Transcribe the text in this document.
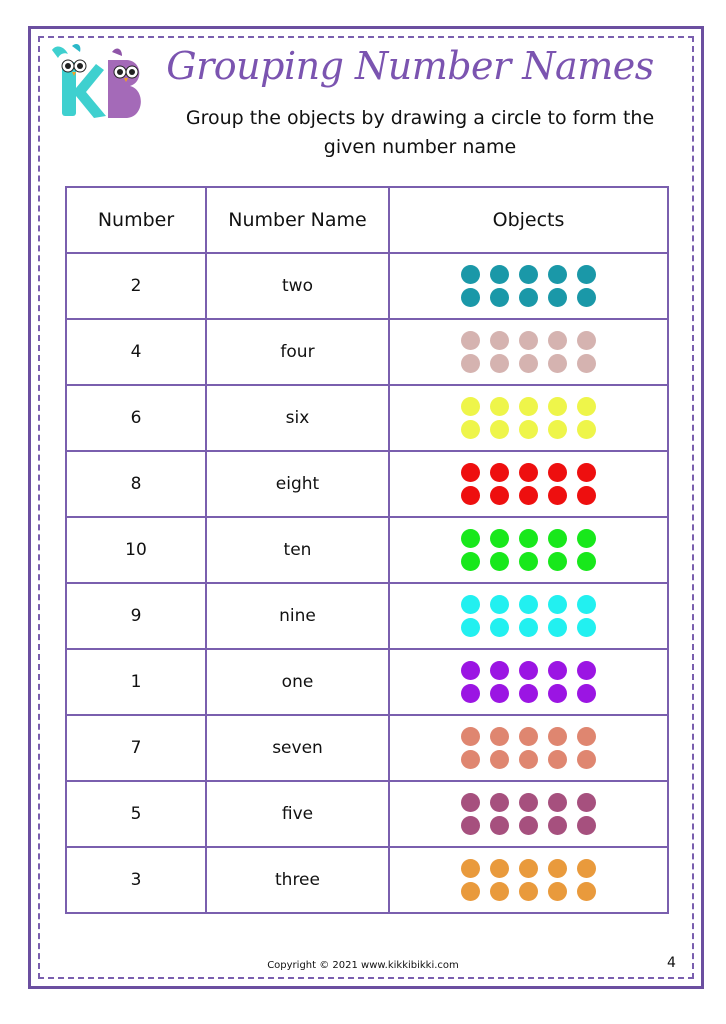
Grouping Number Names
Group the objects by drawing a circle to form the given number name
Number	Number Name	Objects
2	two	

4	four	

6	six	

8	eight	

10	ten	

9	nine	

1	one	

7	seven	

5	five	

3	three	
Copyright © 2021 www.kikkibikki.com	4
